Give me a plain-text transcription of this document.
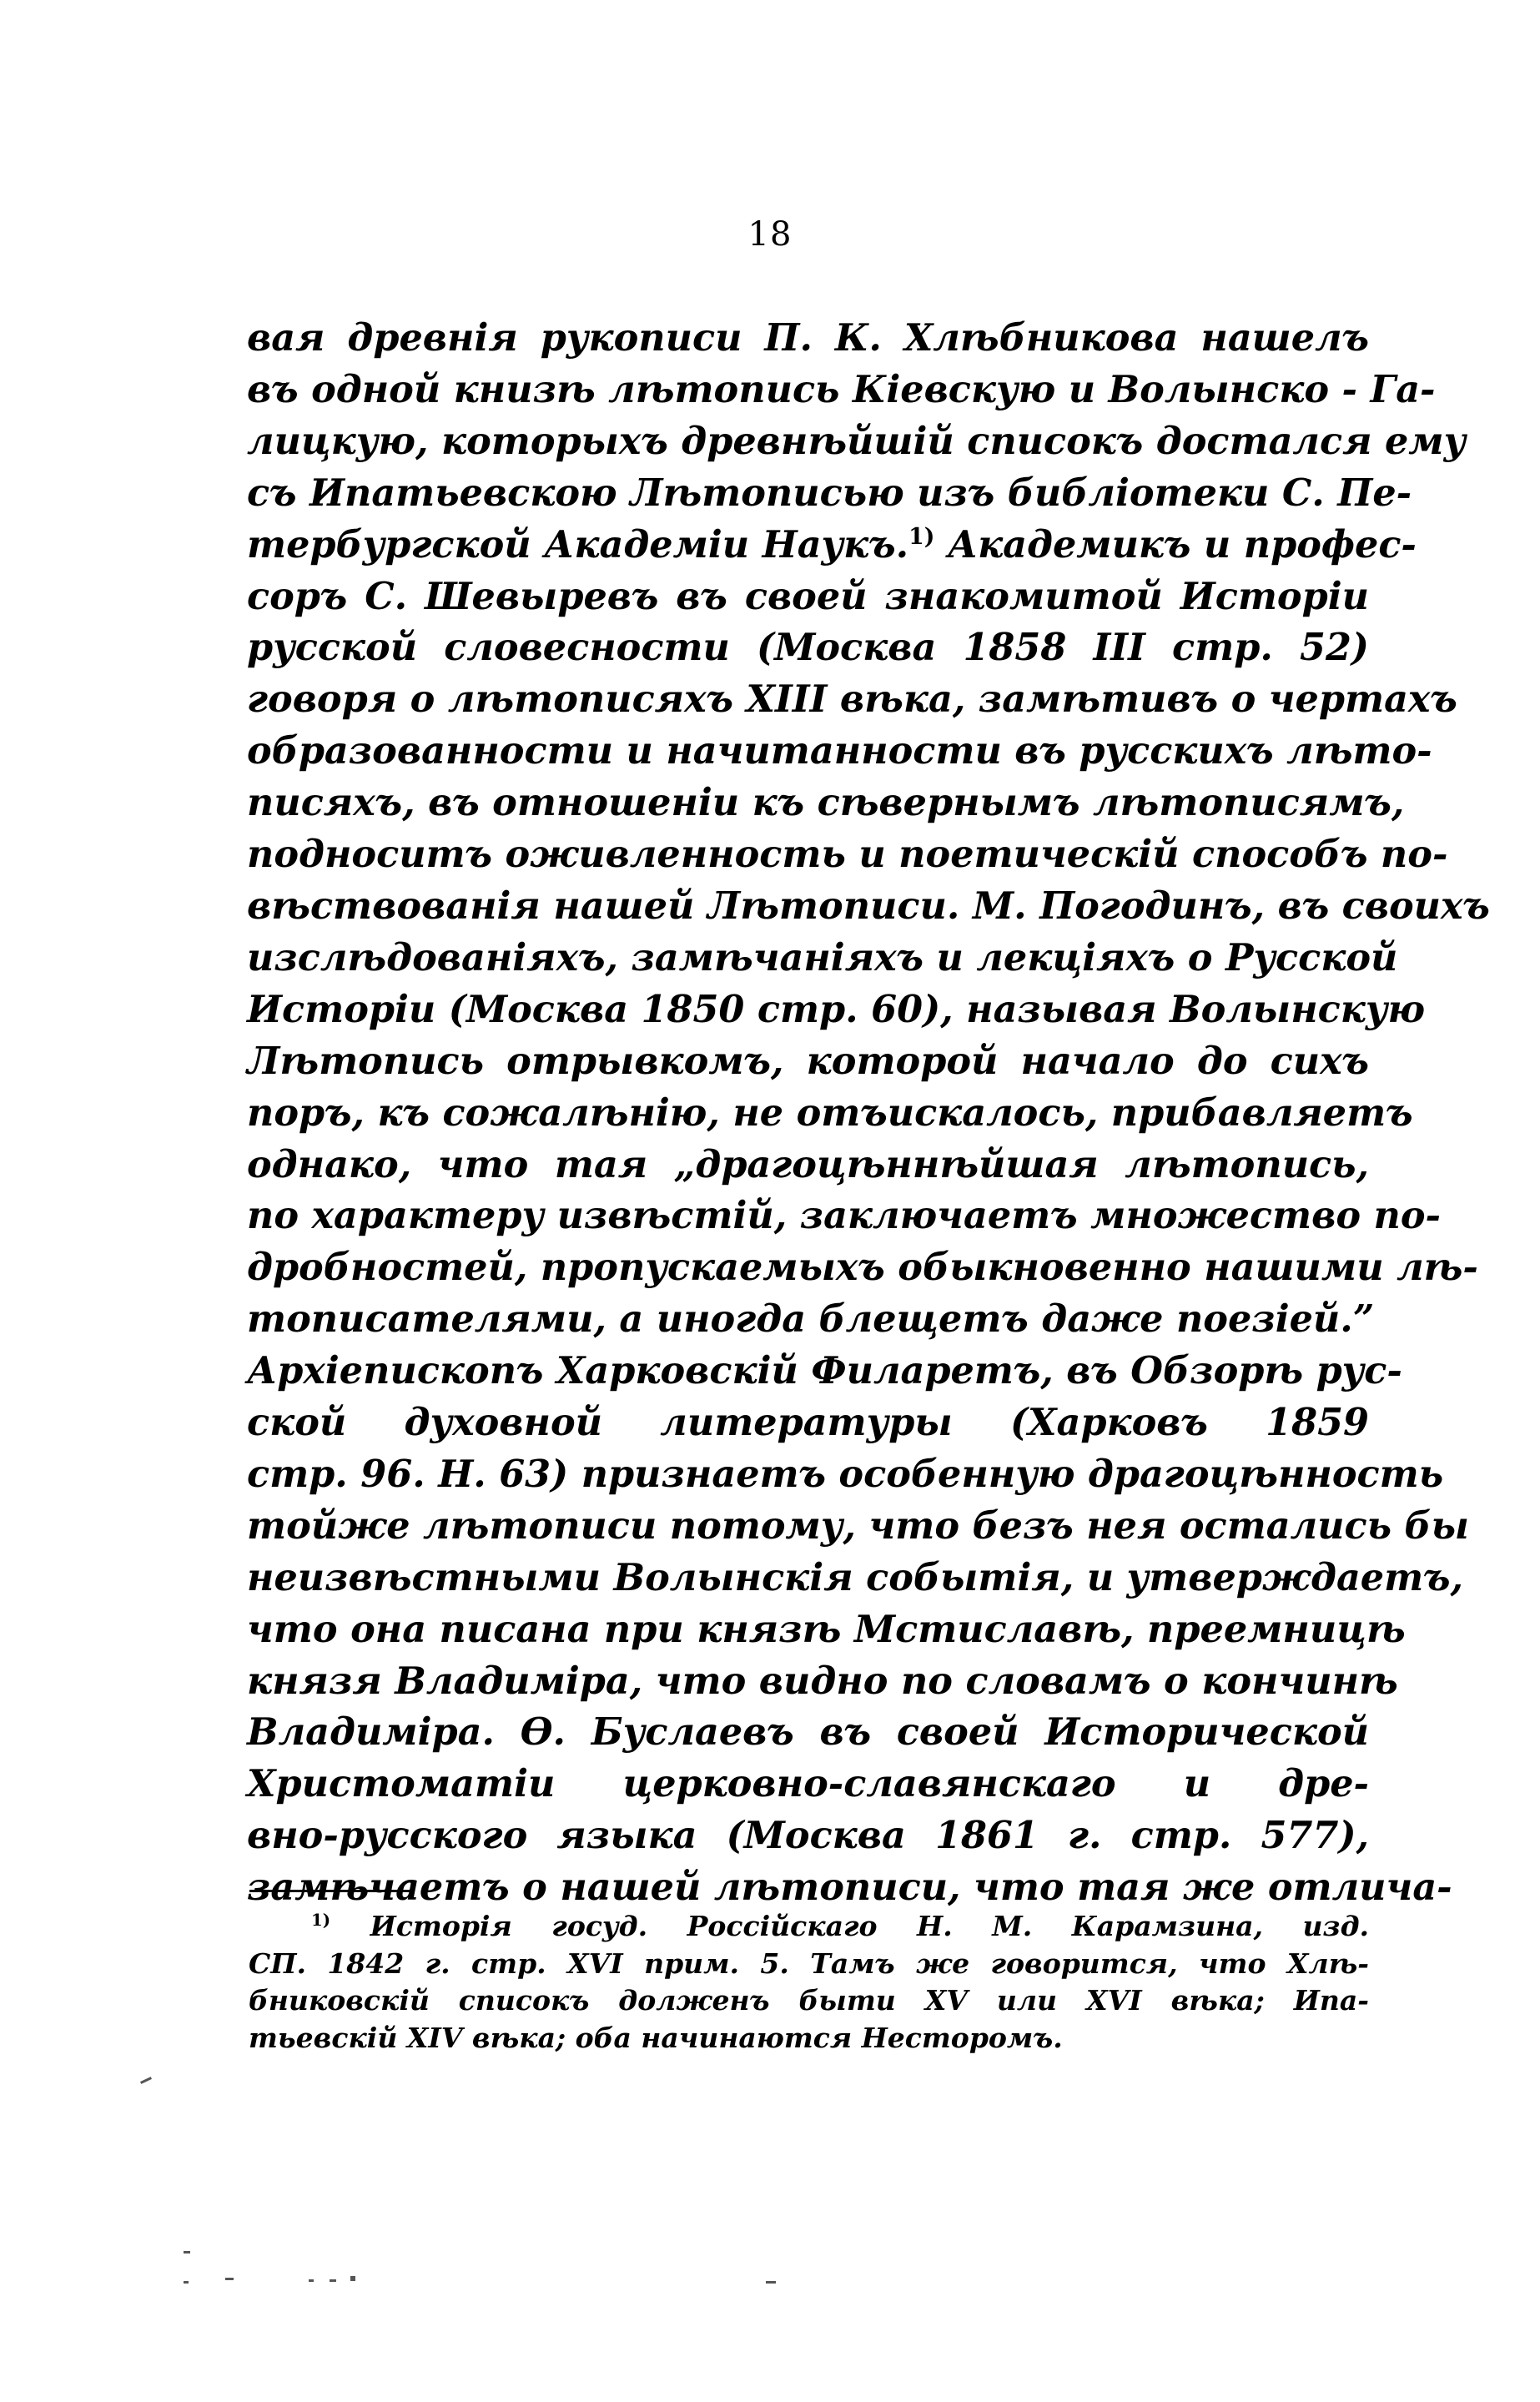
18
вая древнія рукописи П. К. Хлѣбникова нашелъ
въ одной книзѣ лѣтопись Кіевскую и Волынско - Га-
лицкую, которыхъ древнѣйшій списокъ достался ему
съ Ипатьевскою Лѣтописью изъ библіотеки С. Пе-
тербургской Академіи Наукъ.$^{1)}$ Академикъ и профес-
соръ С. Шевыревъ въ своей знакомитой Исторіи
русской словесности (Москва 1858 III стр. 52)
говоря о лѣтописяхъ XIII вѣка, замѣтивъ о чертахъ
образованности и начитанности въ русскихъ лѣто-
писяхъ, въ отношеніи къ сѣвернымъ лѣтописямъ,
подноситъ оживленность и поетическій способъ по-
вѣствованія нашей Лѣтописи. М. Погодинъ, въ своихъ
изслѣдованіяхъ, замѣчаніяхъ и лекціяхъ о Русской
Исторіи (Москва 1850 стр. 60), называя Волынскую
Лѣтопись отрывкомъ, которой начало до сихъ
поръ, къ сожалѣнію, не отъискалось, прибавляетъ
однако, что тая „драгоцѣннѣйшая лѣтопись,
по характеру извѣстій, заключаетъ множество по-
дробностей, пропускаемыхъ обыкновенно нашими лѣ-
тописателями, а иногда блещетъ даже поезіей.”
Архіепископъ Харковскій Филаретъ, въ Обзорѣ рус-
ской духовной литературы (Харковъ 1859
стр. 96. Н. 63) признаетъ особенную драгоцѣнность
тойже лѣтописи потому, что безъ нея остались бы
неизвѣстными Волынскія событія, и утверждаетъ,
что она писана при князѣ Мстиславѣ, преемницѣ
князя Владиміра, что видно по словамъ о кончинѣ
Владиміра. Ѳ. Буслаевъ въ своей Исторической
Христоматіи церковно-славянскаго и дре-
вно-русского языка (Москва 1861 г. стр. 577),
замѣчаетъ о нашей лѣтописи, что тая же отлича-
$^{1)}$ Исторія госуд. Россійскаго Н. М. Карамзина, изд.
СП. 1842 г. стр. XVI прим. 5. Тамъ же говорится, что Хлѣ-
бниковскій списокъ долженъ быти XV или XVI вѣка; Ипа-
тьевскій XIV вѣка; оба начинаются Несторомъ.
